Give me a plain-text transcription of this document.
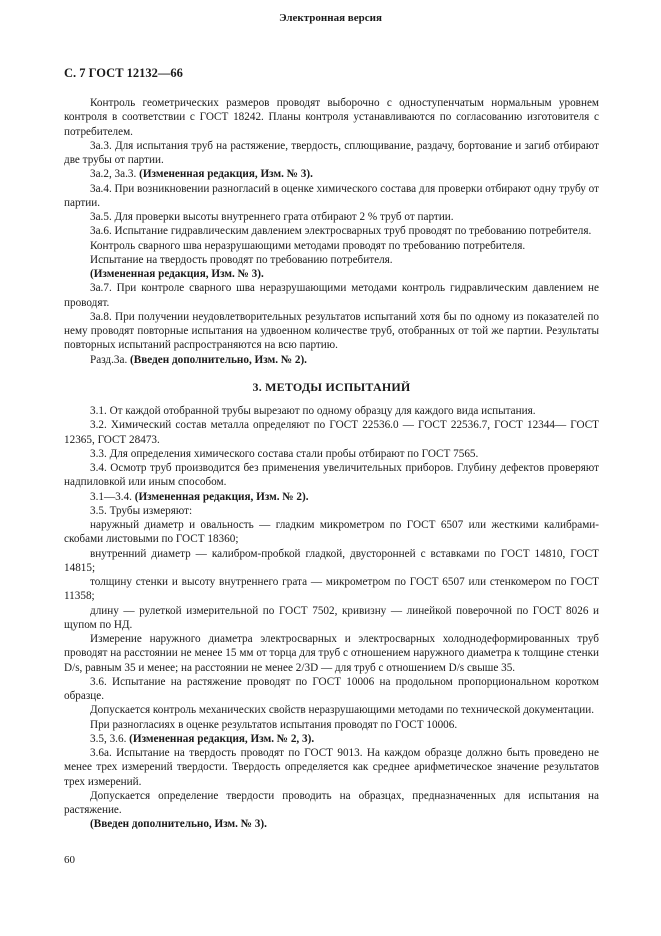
Электронная версия
С. 7 ГОСТ 12132—66

Контроль геометрических размеров проводят выборочно с одноступенчатым нормальным уровнем контроля в соответствии с ГОСТ 18242. Планы контроля устанавливаются по согласованию изготовителя с потребителем.

3а.3. Для испытания труб на растяжение, твердость, сплющивание, раздачу, бортование и загиб отбирают две трубы от партии.

3а.2, 3а.3. (Измененная редакция, Изм. № 3).

3а.4. При возникновении разногласий в оценке химического состава для проверки отбирают одну трубу от партии.

3а.5. Для проверки высоты внутреннего грата отбирают 2 % труб от партии.

3а.6. Испытание гидравлическим давлением электросварных труб проводят по требованию потребителя.

Контроль сварного шва неразрушающими методами проводят по требованию потребителя.

Испытание на твердость проводят по требованию потребителя.

(Измененная редакция, Изм. № 3).

3а.7. При контроле сварного шва неразрушающими методами контроль гидравлическим давлением не проводят.

3а.8. При получении неудовлетворительных результатов испытаний хотя бы по одному из показателей по нему проводят повторные испытания на удвоенном количестве труб, отобранных от той же партии. Результаты повторных испытаний распространяются на всю партию.

Разд.3а. (Введен дополнительно, Изм. № 2).

3. МЕТОДЫ ИСПЫТАНИЙ

3.1. От каждой отобранной трубы вырезают по одному образцу для каждого вида испытания.

3.2. Химический состав металла определяют по ГОСТ 22536.0 — ГОСТ 22536.7, ГОСТ 12344— ГОСТ 12365, ГОСТ 28473.

3.3. Для определения химического состава стали пробы отбирают по ГОСТ 7565.

3.4. Осмотр труб производится без применения увеличительных приборов. Глубину дефектов проверяют надпиловкой или иным способом.

3.1—3.4. (Измененная редакция, Изм. № 2).

3.5. Трубы измеряют:

наружный диаметр и овальность — гладким микрометром по ГОСТ 6507 или жесткими калибрами-скобами листовыми по ГОСТ 18360;

внутренний диаметр — калибром-пробкой гладкой, двусторонней с вставками по ГОСТ 14810, ГОСТ 14815;

толщину стенки и высоту внутреннего грата — микрометром по ГОСТ 6507 или стенкомером по ГОСТ 11358;

длину — рулеткой измерительной по ГОСТ 7502, кривизну — линейкой поверочной по ГОСТ 8026 и щупом по НД.

Измерение наружного диаметра электросварных и электросварных холоднодеформированных труб проводят на расстоянии не менее 15 мм от торца для труб с отношением наружного диаметра к толщине стенки D/s, равным 35 и менее; на расстоянии не менее 2/3D — для труб с отношением D/s свыше 35.

3.6. Испытание на растяжение проводят по ГОСТ 10006 на продольном пропорциональном коротком образце.

Допускается контроль механических свойств неразрушающими методами по технической документации.

При разногласиях в оценке результатов испытания проводят по ГОСТ 10006.

3.5, 3.6. (Измененная редакция, Изм. № 2, 3).

3.6а. Испытание на твердость проводят по ГОСТ 9013. На каждом образце должно быть проведено не менее трех измерений твердости. Твердость определяется как среднее арифметическое значение результатов трех измерений.

Допускается определение твердости проводить на образцах, предназначенных для испытания на растяжение.

(Введен дополнительно, Изм. № 3).

60
